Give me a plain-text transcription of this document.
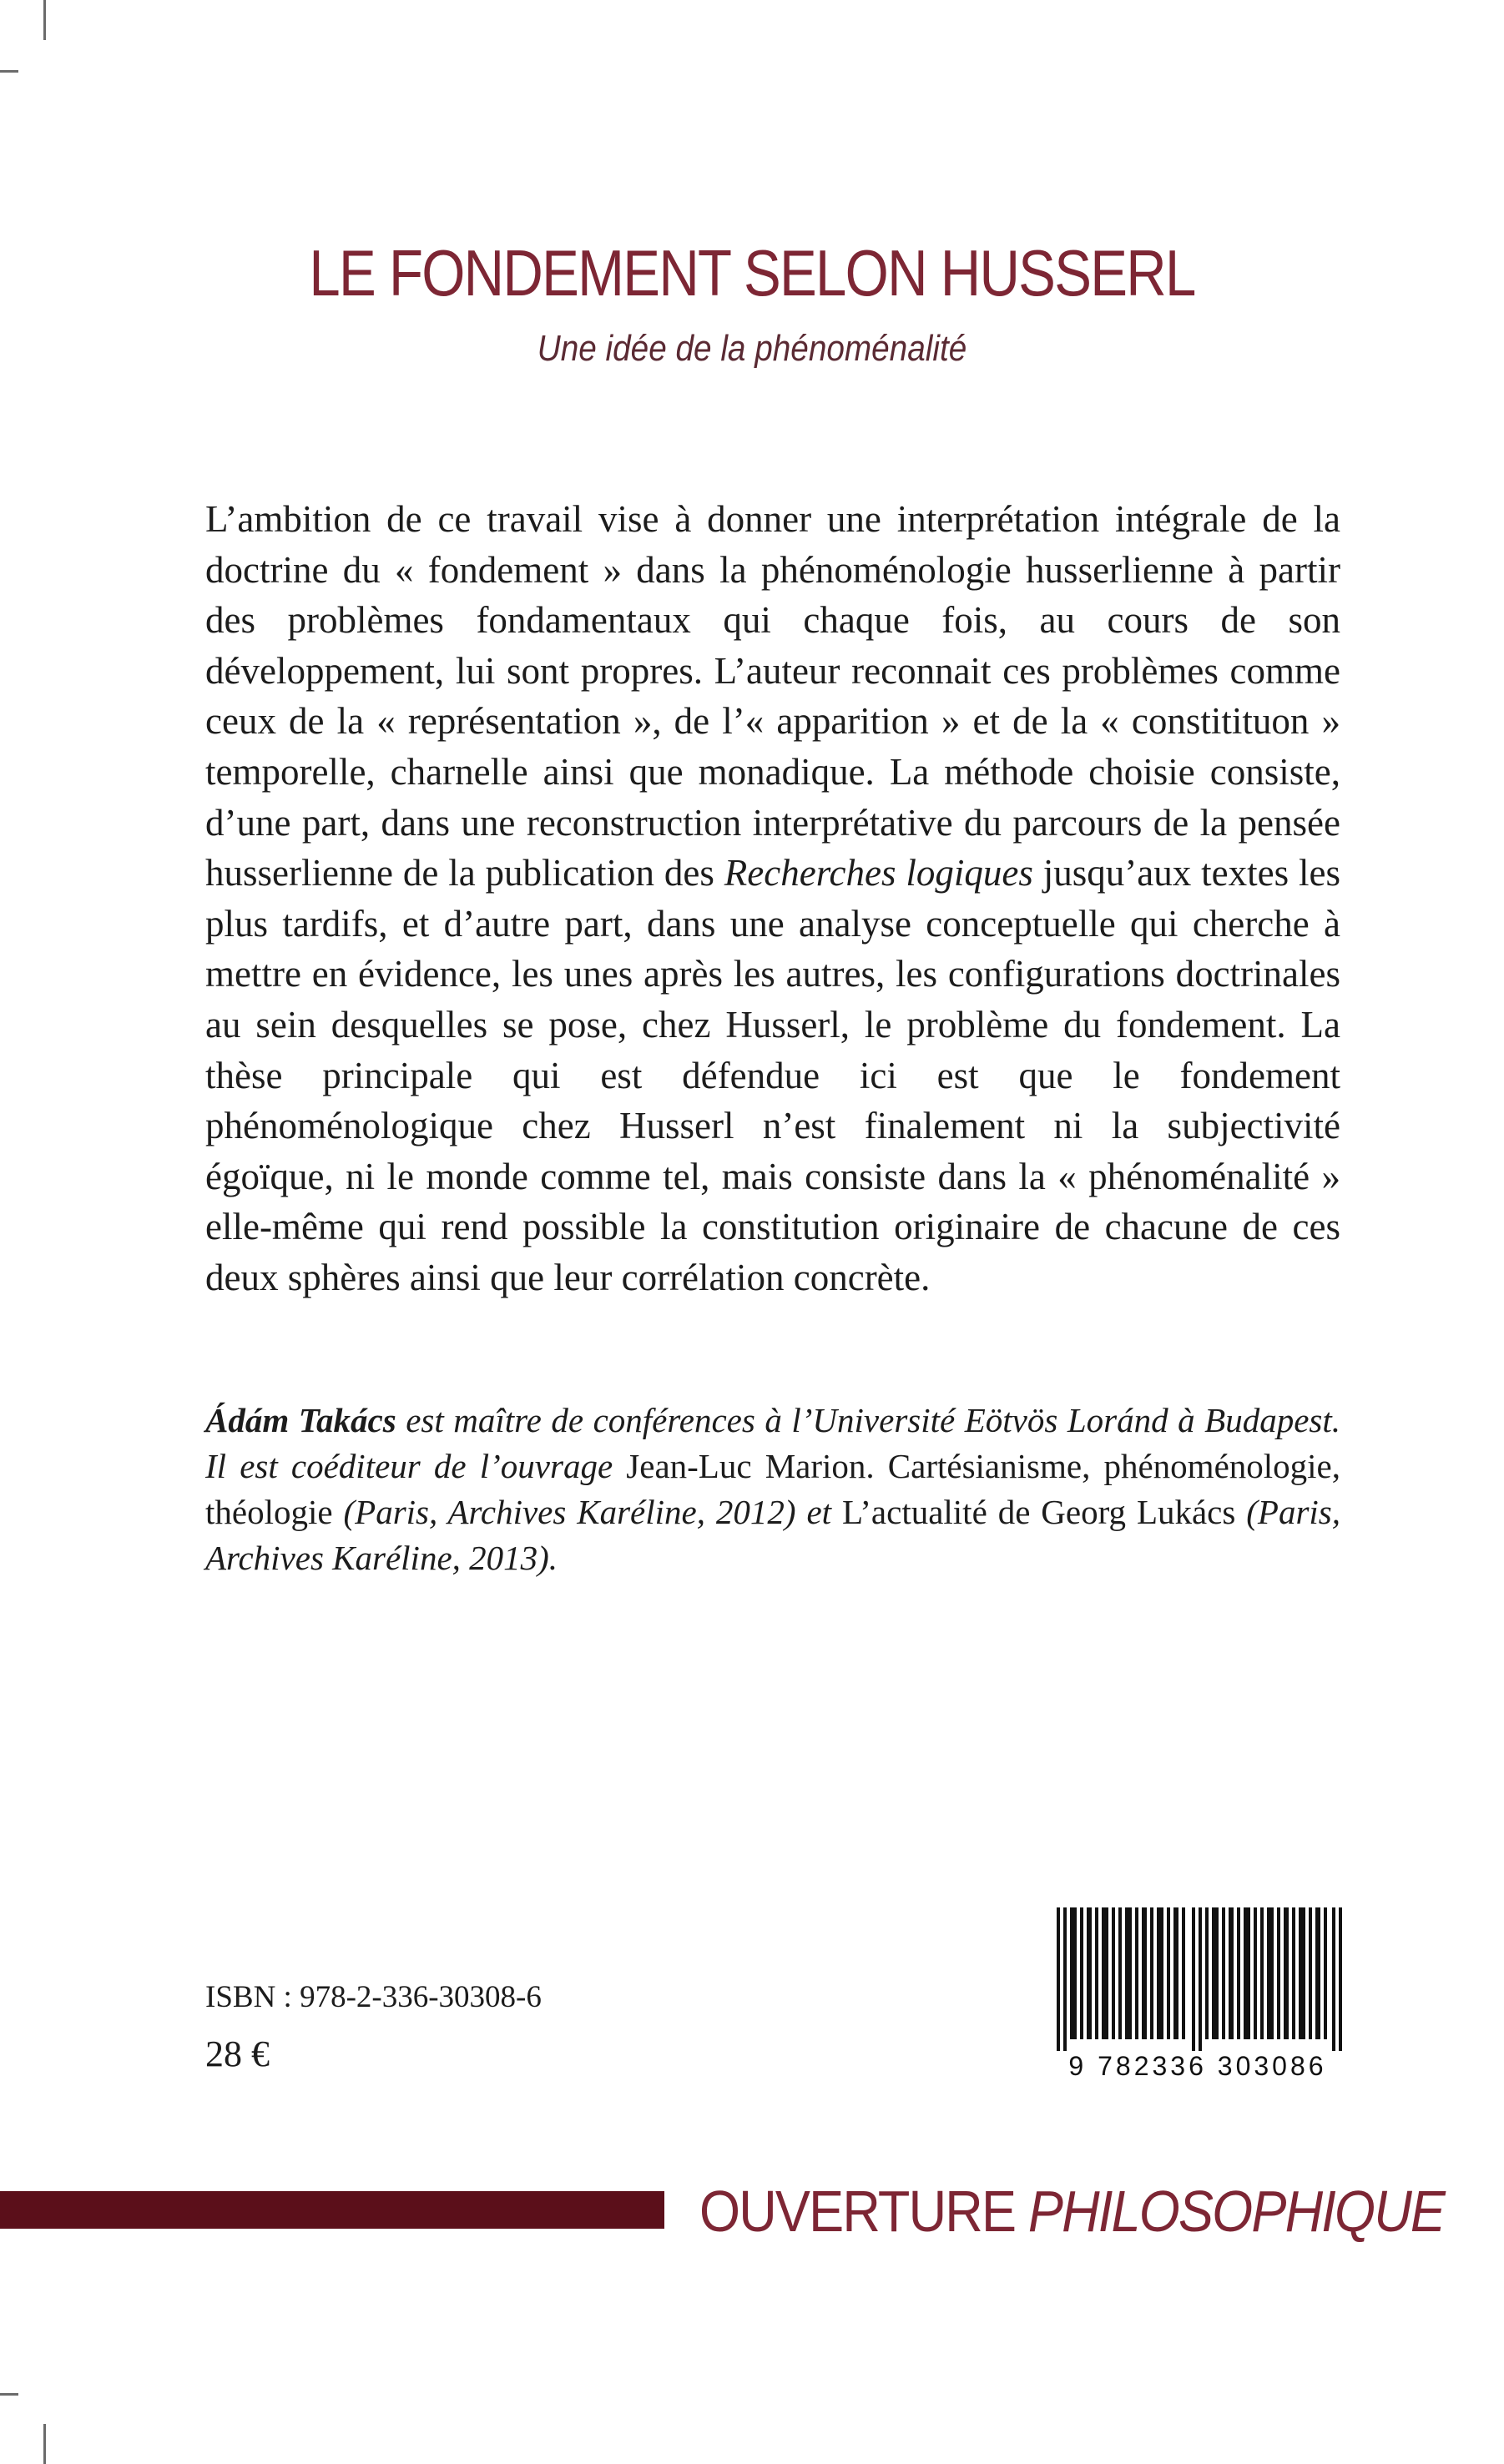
LE FONDEMENT SELON HUSSERL
Une idée de la phénoménalité

L’ambition de ce travail vise à donner une interprétation intégrale de la doctrine du « fondement » dans la phénoménologie husserlienne à partir des problèmes fondamentaux qui chaque fois, au cours de son développement, lui sont propres. L’auteur reconnait ces problèmes comme ceux de la « représentation », de l’« apparition » et de la « constitituon » temporelle, charnelle ainsi que monadique. La méthode choisie consiste, d’une part, dans une reconstruction interprétative du parcours de la pensée husserlienne de la publication des Recherches logiques jusqu’aux textes les plus tardifs, et d’autre part, dans une analyse conceptuelle qui cherche à mettre en évidence, les unes après les autres, les configurations doctrinales au sein desquelles se pose, chez Husserl, le problème du fondement. La thèse principale qui est défendue ici est que le fondement phénoménologique chez Husserl n’est finalement ni la subjectivité égoïque, ni le monde comme tel, mais consiste dans la « phénoménalité » elle-même qui rend possible la constitution originaire de chacune de ces deux sphères ainsi que leur corrélation concrète.

Ádám Takács est maître de conférences à l’Université Eötvös Loránd à Budapest. Il est coéditeur de l’ouvrage Jean-Luc Marion. Cartésianisme, phénoménologie, théologie (Paris, Archives Karéline, 2012) et L’actualité de Georg Lukács (Paris, Archives Karéline, 2013).

ISBN : 978-2-336-30308-6
28 €	9 782336 303086
OUVERTURE PHILOSOPHIQUE
